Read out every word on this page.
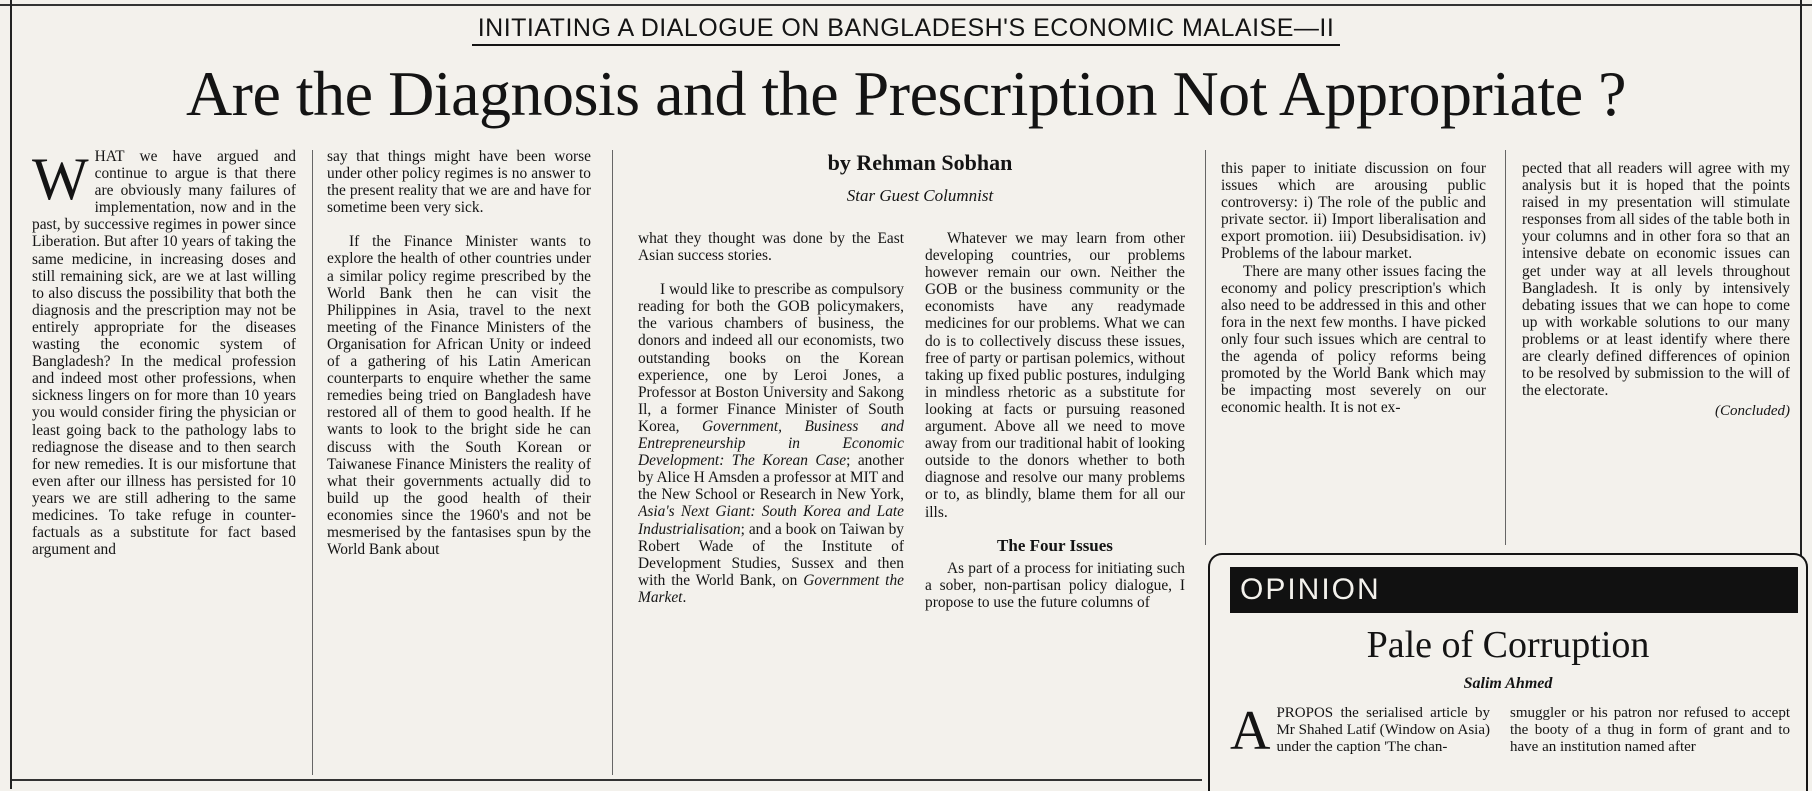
INITIATING A DIALOGUE ON BANGLADESH'S ECONOMIC MALAISE—II
Are the Diagnosis and the Prescription Not Appropriate ?

WHAT we have argued and continue to argue is that there are obviously many failures of implementation, now and in the past, by successive regimes in power since Liberation. But after 10 years of taking the same medicine, in increasing doses and still remaining sick, are we at last willing to also discuss the possibility that both the diagnosis and the prescription may not be entirely appropriate for the diseases wasting the economic system of Bangladesh? In the medical profession and indeed most other professions, when sickness lingers on for more than 10 years you would consider firing the physician or least going back to the pathology labs to rediagnose the disease and to then search for new remedies. It is our misfortune that even after our illness has persisted for 10 years we are still adhering to the same medicines. To take refuge in counter-factuals as a substitute for fact based argument and

say that things might have been worse under other policy regimes is no answer to the present reality that we are and have for sometime been very sick.

If the Finance Minister wants to explore the health of other countries under a similar policy regime prescribed by the World Bank then he can visit the Philippines in Asia, travel to the next meeting of the Finance Ministers of the Organisation for African Unity or indeed of a gathering of his Latin American counterparts to enquire whether the same remedies being tried on Bangladesh have restored all of them to good health. If he wants to look to the bright side he can discuss with the South Korean or Taiwanese Finance Ministers the reality of what their governments actually did to build up the good health of their economies since the 1960's and not be mesmerised by the fantasises spun by the World Bank about

by Rehman Sobhan
Star Guest Columnist

what they thought was done by the East Asian success stories.

I would like to prescribe as compulsory reading for both the GOB policymakers, the various chambers of business, the donors and indeed all our economists, two outstanding books on the Korean experience, one by Leroi Jones, a Professor at Boston University and Sakong Il, a former Finance Minister of South Korea, Government, Business and Entrepreneurship in Economic Development: The Korean Case; another by Alice H Amsden a professor at MIT and the New School or Research in New York, Asia's Next Giant: South Korea and Late Industrialisation; and a book on Taiwan by Robert Wade of the Institute of Development Studies, Sussex and then with the World Bank, on Government the Market.

Whatever we may learn from other developing countries, our problems however remain our own. Neither the GOB or the business community or the economists have any readymade medicines for our problems. What we can do is to collectively discuss these issues, free of party or partisan polemics, without taking up fixed public postures, indulging in mindless rhetoric as a substitute for looking at facts or pursuing reasoned argument. Above all we need to move away from our traditional habit of looking outside to the donors whether to both diagnose and resolve our many problems or to, as blindly, blame them for all our ills.

The Four Issues

As part of a process for initiating such a sober, non-partisan policy dialogue, I propose to use the future columns of

this paper to initiate discussion on four issues which are arousing public controversy: i) The role of the public and private sector. ii) Import liberalisation and export promotion. iii) Desubsidisation. iv) Problems of the labour market.

There are many other issues facing the economy and policy prescription's which also need to be addressed in this and other fora in the next few months. I have picked only four such issues which are central to the agenda of policy reforms being promoted by the World Bank which may be impacting most severely on our economic health. It is not ex-

pected that all readers will agree with my analysis but it is hoped that the points raised in my presentation will stimulate responses from all sides of the table both in your columns and in other fora so that an intensive debate on economic issues can get under way at all levels throughout Bangladesh. It is only by intensively debating issues that we can hope to come up with workable solutions to our many problems or at least identify where there are clearly defined differences of opinion to be resolved by submission to the will of the electorate.

(Concluded)
OPINION
Pale of Corruption
Salim Ahmed
APROPOS the serialised article by Mr Shahed Latif (Window on Asia) under the caption 'The chan-
smuggler or his patron nor refused to accept the booty of a thug in form of grant and to have an institution named after
